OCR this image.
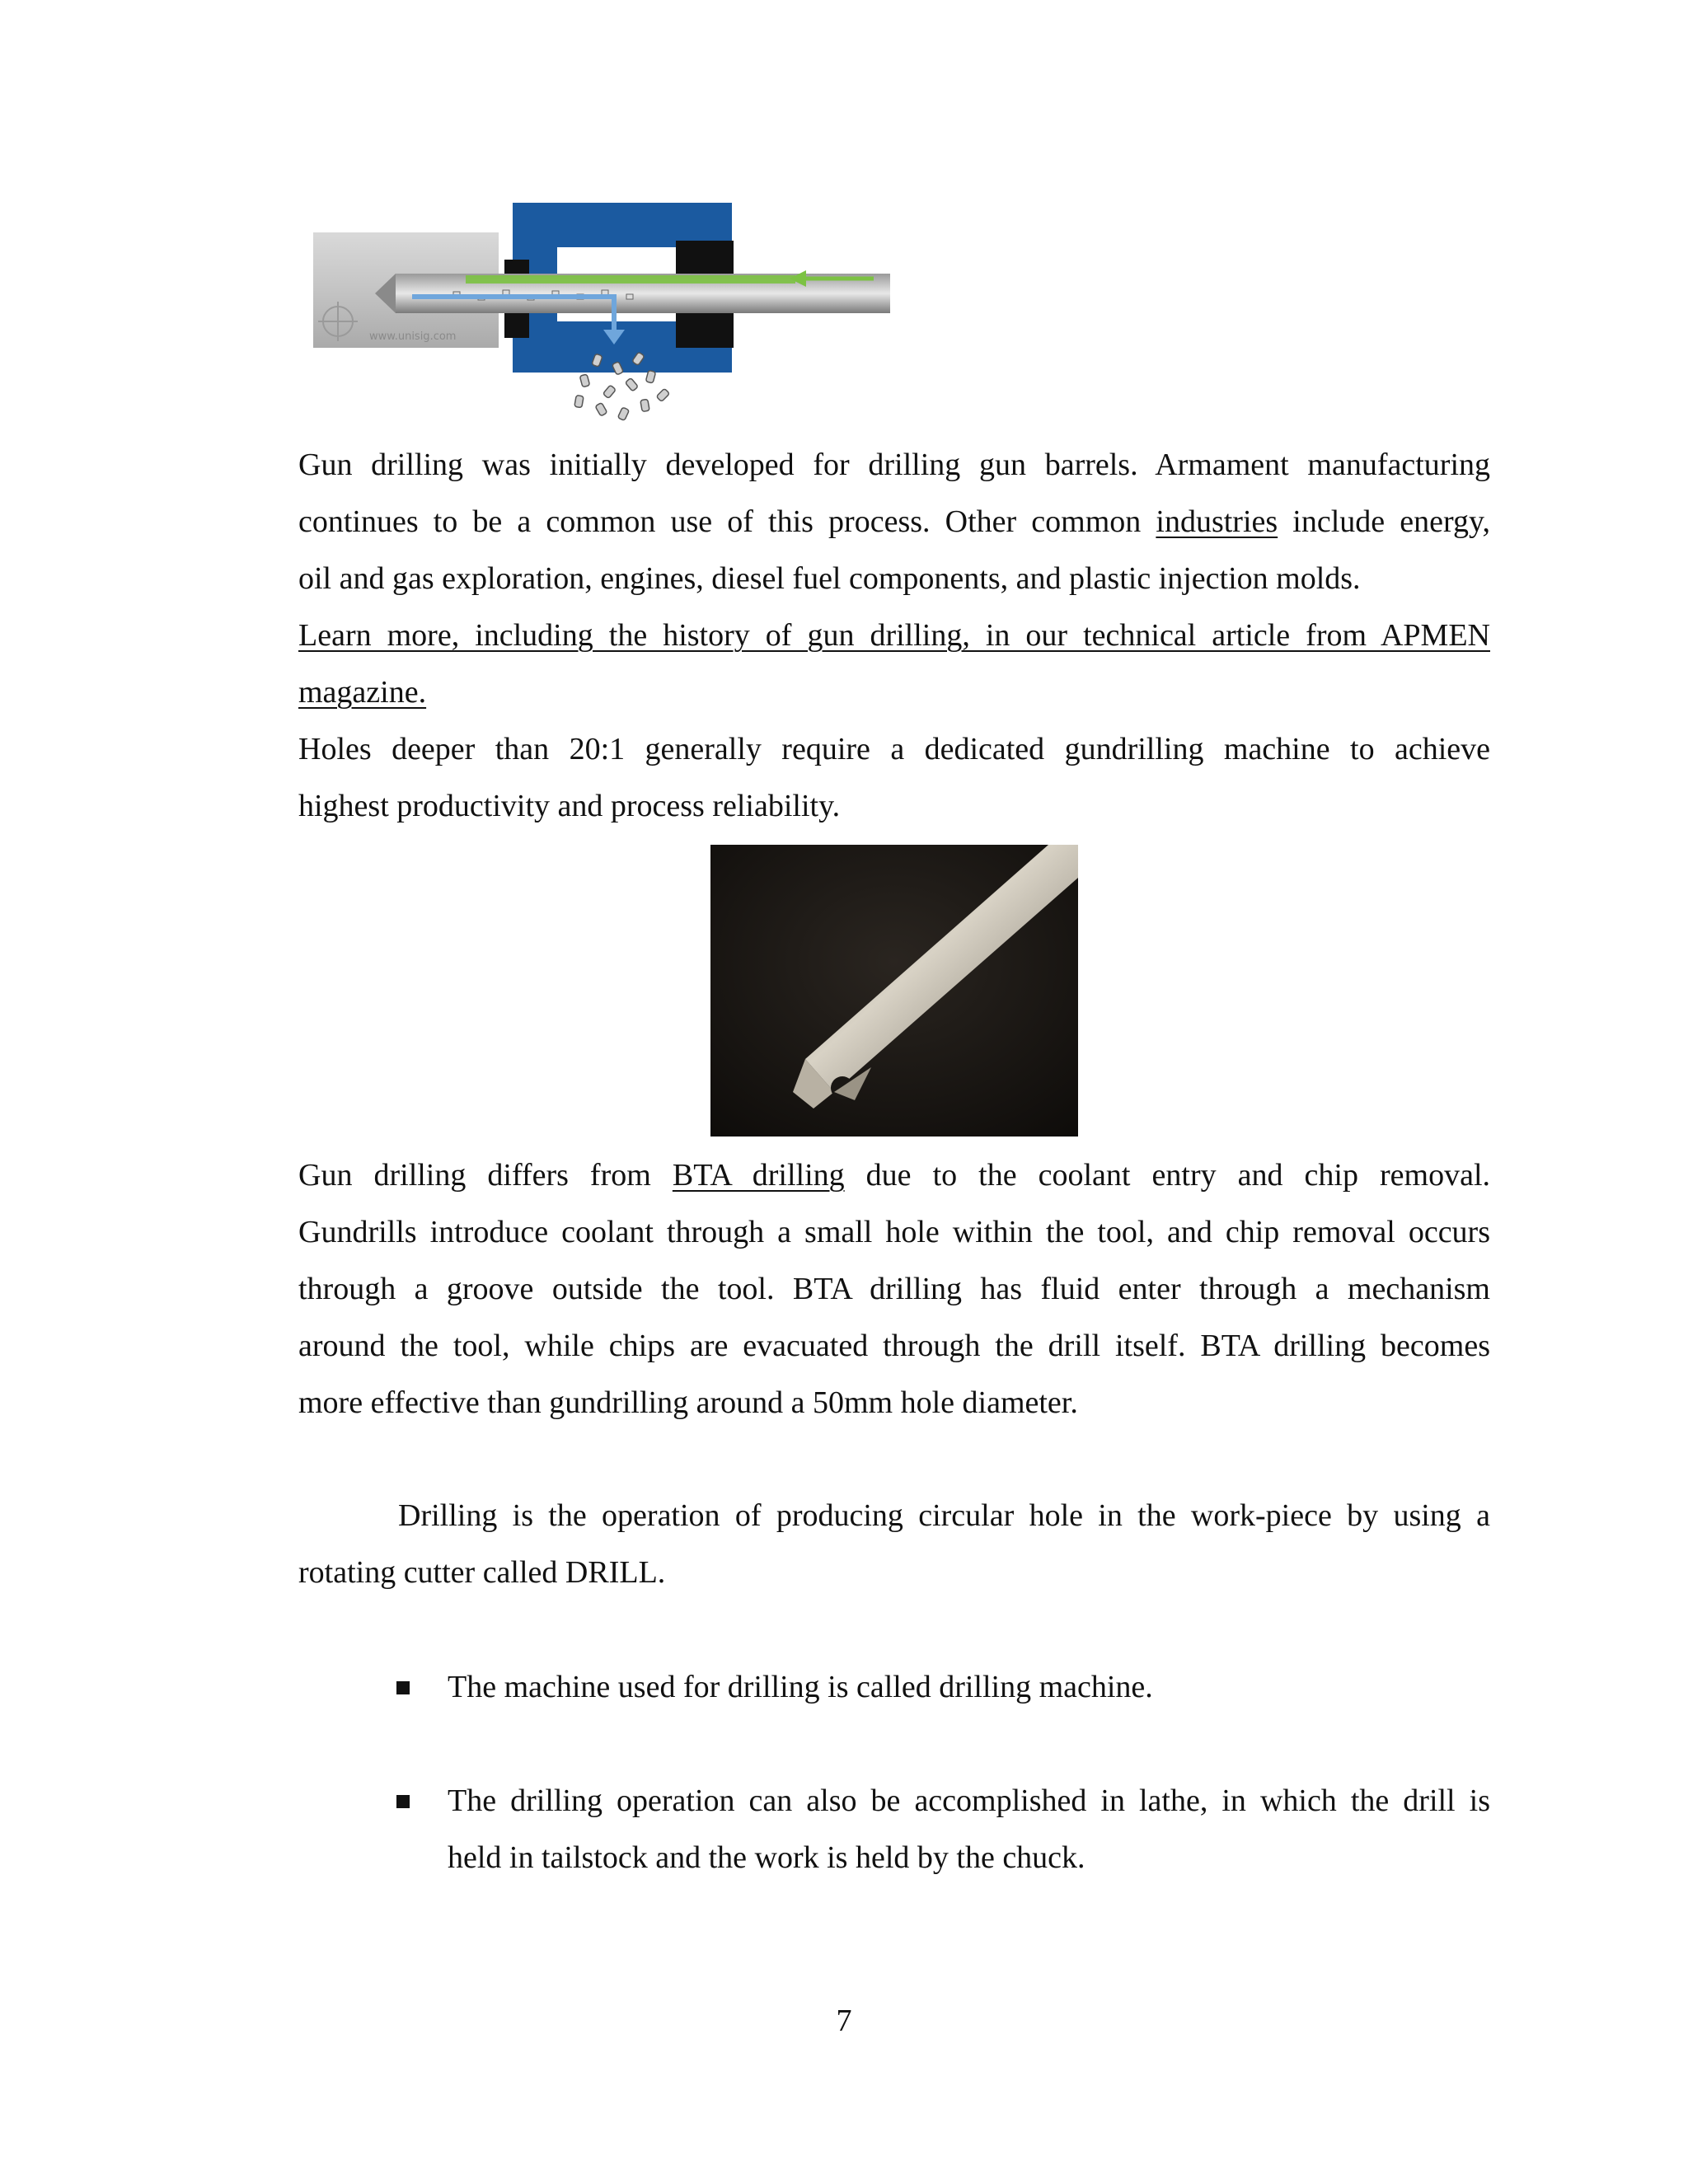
www.unisig.com
Gun drilling was initially developed for drilling gun barrels. Armament manufacturing
continues to be a common use of this process. Other common industries include energy,
oil and gas exploration, engines, diesel fuel components, and plastic injection molds.
Learn more, including the history of gun drilling, in our technical article from APMEN
magazine.
Holes deeper than 20:1 generally require a dedicated gundrilling machine to achieve
highest productivity and process reliability.
Gun drilling differs from BTA drilling due to the coolant entry and chip removal.
Gundrills introduce coolant through a small hole within the tool, and chip removal occurs
through a groove outside the tool. BTA drilling has fluid enter through a mechanism
around the tool, while chips are evacuated through the drill itself. BTA drilling becomes
more effective than gundrilling around a 50mm hole diameter.
Drilling is the operation of producing circular hole in the work-piece by using a
rotating cutter called DRILL.
The machine used for drilling is called drilling machine.
The drilling operation can also be accomplished in lathe, in which the drill is
held in tailstock and the work is held by the chuck.
7
